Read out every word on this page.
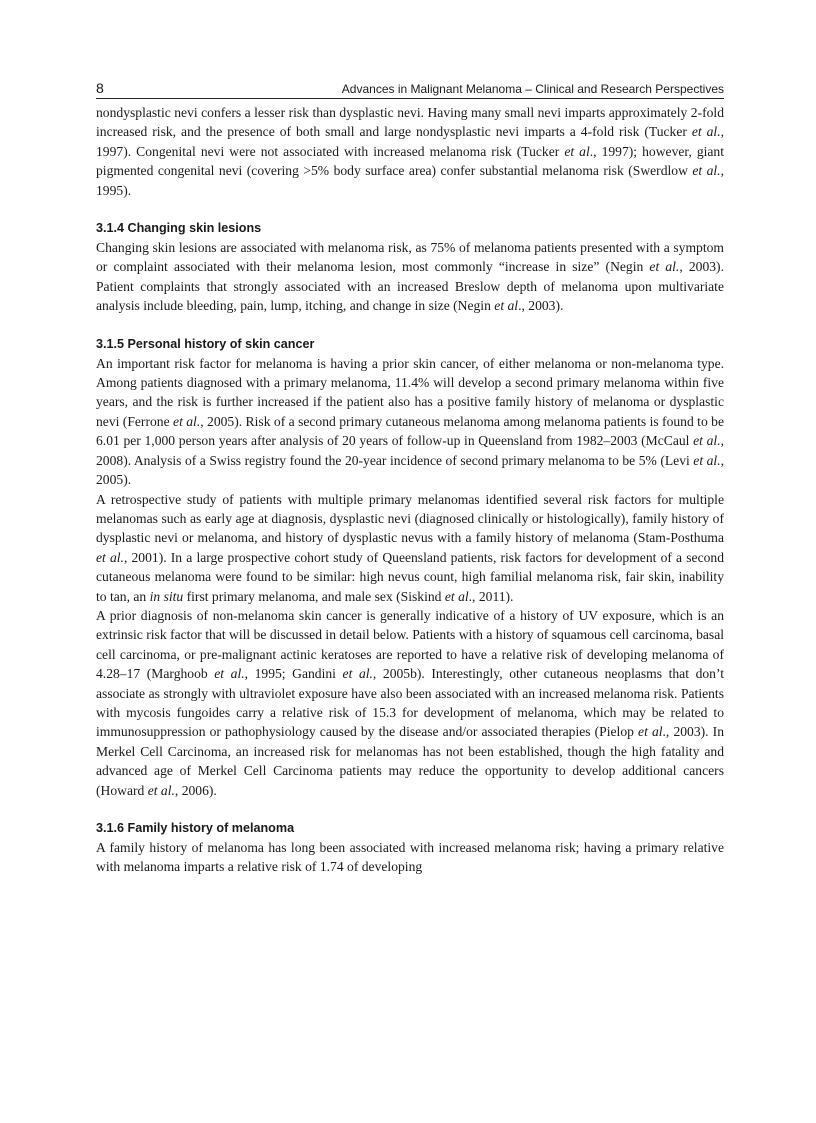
8	Advances in Malignant Melanoma – Clinical and Research Perspectives

nondysplastic nevi confers a lesser risk than dysplastic nevi. Having many small nevi imparts approximately 2-fold increased risk, and the presence of both small and large nondysplastic nevi imparts a 4-fold risk (Tucker et al., 1997). Congenital nevi were not associated with increased melanoma risk (Tucker et al., 1997); however, giant pigmented congenital nevi (covering >5% body surface area) confer substantial melanoma risk (Swerdlow et al., 1995).

3.1.4 Changing skin lesions

Changing skin lesions are associated with melanoma risk, as 75% of melanoma patients presented with a symptom or complaint associated with their melanoma lesion, most commonly “increase in size” (Negin et al., 2003). Patient complaints that strongly associated with an increased Breslow depth of melanoma upon multivariate analysis include bleeding, pain, lump, itching, and change in size (Negin et al., 2003).

3.1.5 Personal history of skin cancer

An important risk factor for melanoma is having a prior skin cancer, of either melanoma or non-melanoma type. Among patients diagnosed with a primary melanoma, 11.4% will develop a second primary melanoma within five years, and the risk is further increased if the patient also has a positive family history of melanoma or dysplastic nevi (Ferrone et al., 2005). Risk of a second primary cutaneous melanoma among melanoma patients is found to be 6.01 per 1,000 person years after analysis of 20 years of follow-up in Queensland from 1982–2003 (McCaul et al., 2008). Analysis of a Swiss registry found the 20-year incidence of second primary melanoma to be 5% (Levi et al., 2005).

A retrospective study of patients with multiple primary melanomas identified several risk factors for multiple melanomas such as early age at diagnosis, dysplastic nevi (diagnosed clinically or histologically), family history of dysplastic nevi or melanoma, and history of dysplastic nevus with a family history of melanoma (Stam-Posthuma et al., 2001). In a large prospective cohort study of Queensland patients, risk factors for development of a second cutaneous melanoma were found to be similar: high nevus count, high familial melanoma risk, fair skin, inability to tan, an in situ first primary melanoma, and male sex (Siskind et al., 2011).

A prior diagnosis of non-melanoma skin cancer is generally indicative of a history of UV exposure, which is an extrinsic risk factor that will be discussed in detail below. Patients with a history of squamous cell carcinoma, basal cell carcinoma, or pre-malignant actinic keratoses are reported to have a relative risk of developing melanoma of 4.28–17 (Marghoob et al., 1995; Gandini et al., 2005b). Interestingly, other cutaneous neoplasms that don’t associate as strongly with ultraviolet exposure have also been associated with an increased melanoma risk. Patients with mycosis fungoides carry a relative risk of 15.3 for development of melanoma, which may be related to immunosuppression or pathophysiology caused by the disease and/or associated therapies (Pielop et al., 2003). In Merkel Cell Carcinoma, an increased risk for melanomas has not been established, though the high fatality and advanced age of Merkel Cell Carcinoma patients may reduce the opportunity to develop additional cancers (Howard et al., 2006).

3.1.6 Family history of melanoma

A family history of melanoma has long been associated with increased melanoma risk; having a primary relative with melanoma imparts a relative risk of 1.74 of developing
